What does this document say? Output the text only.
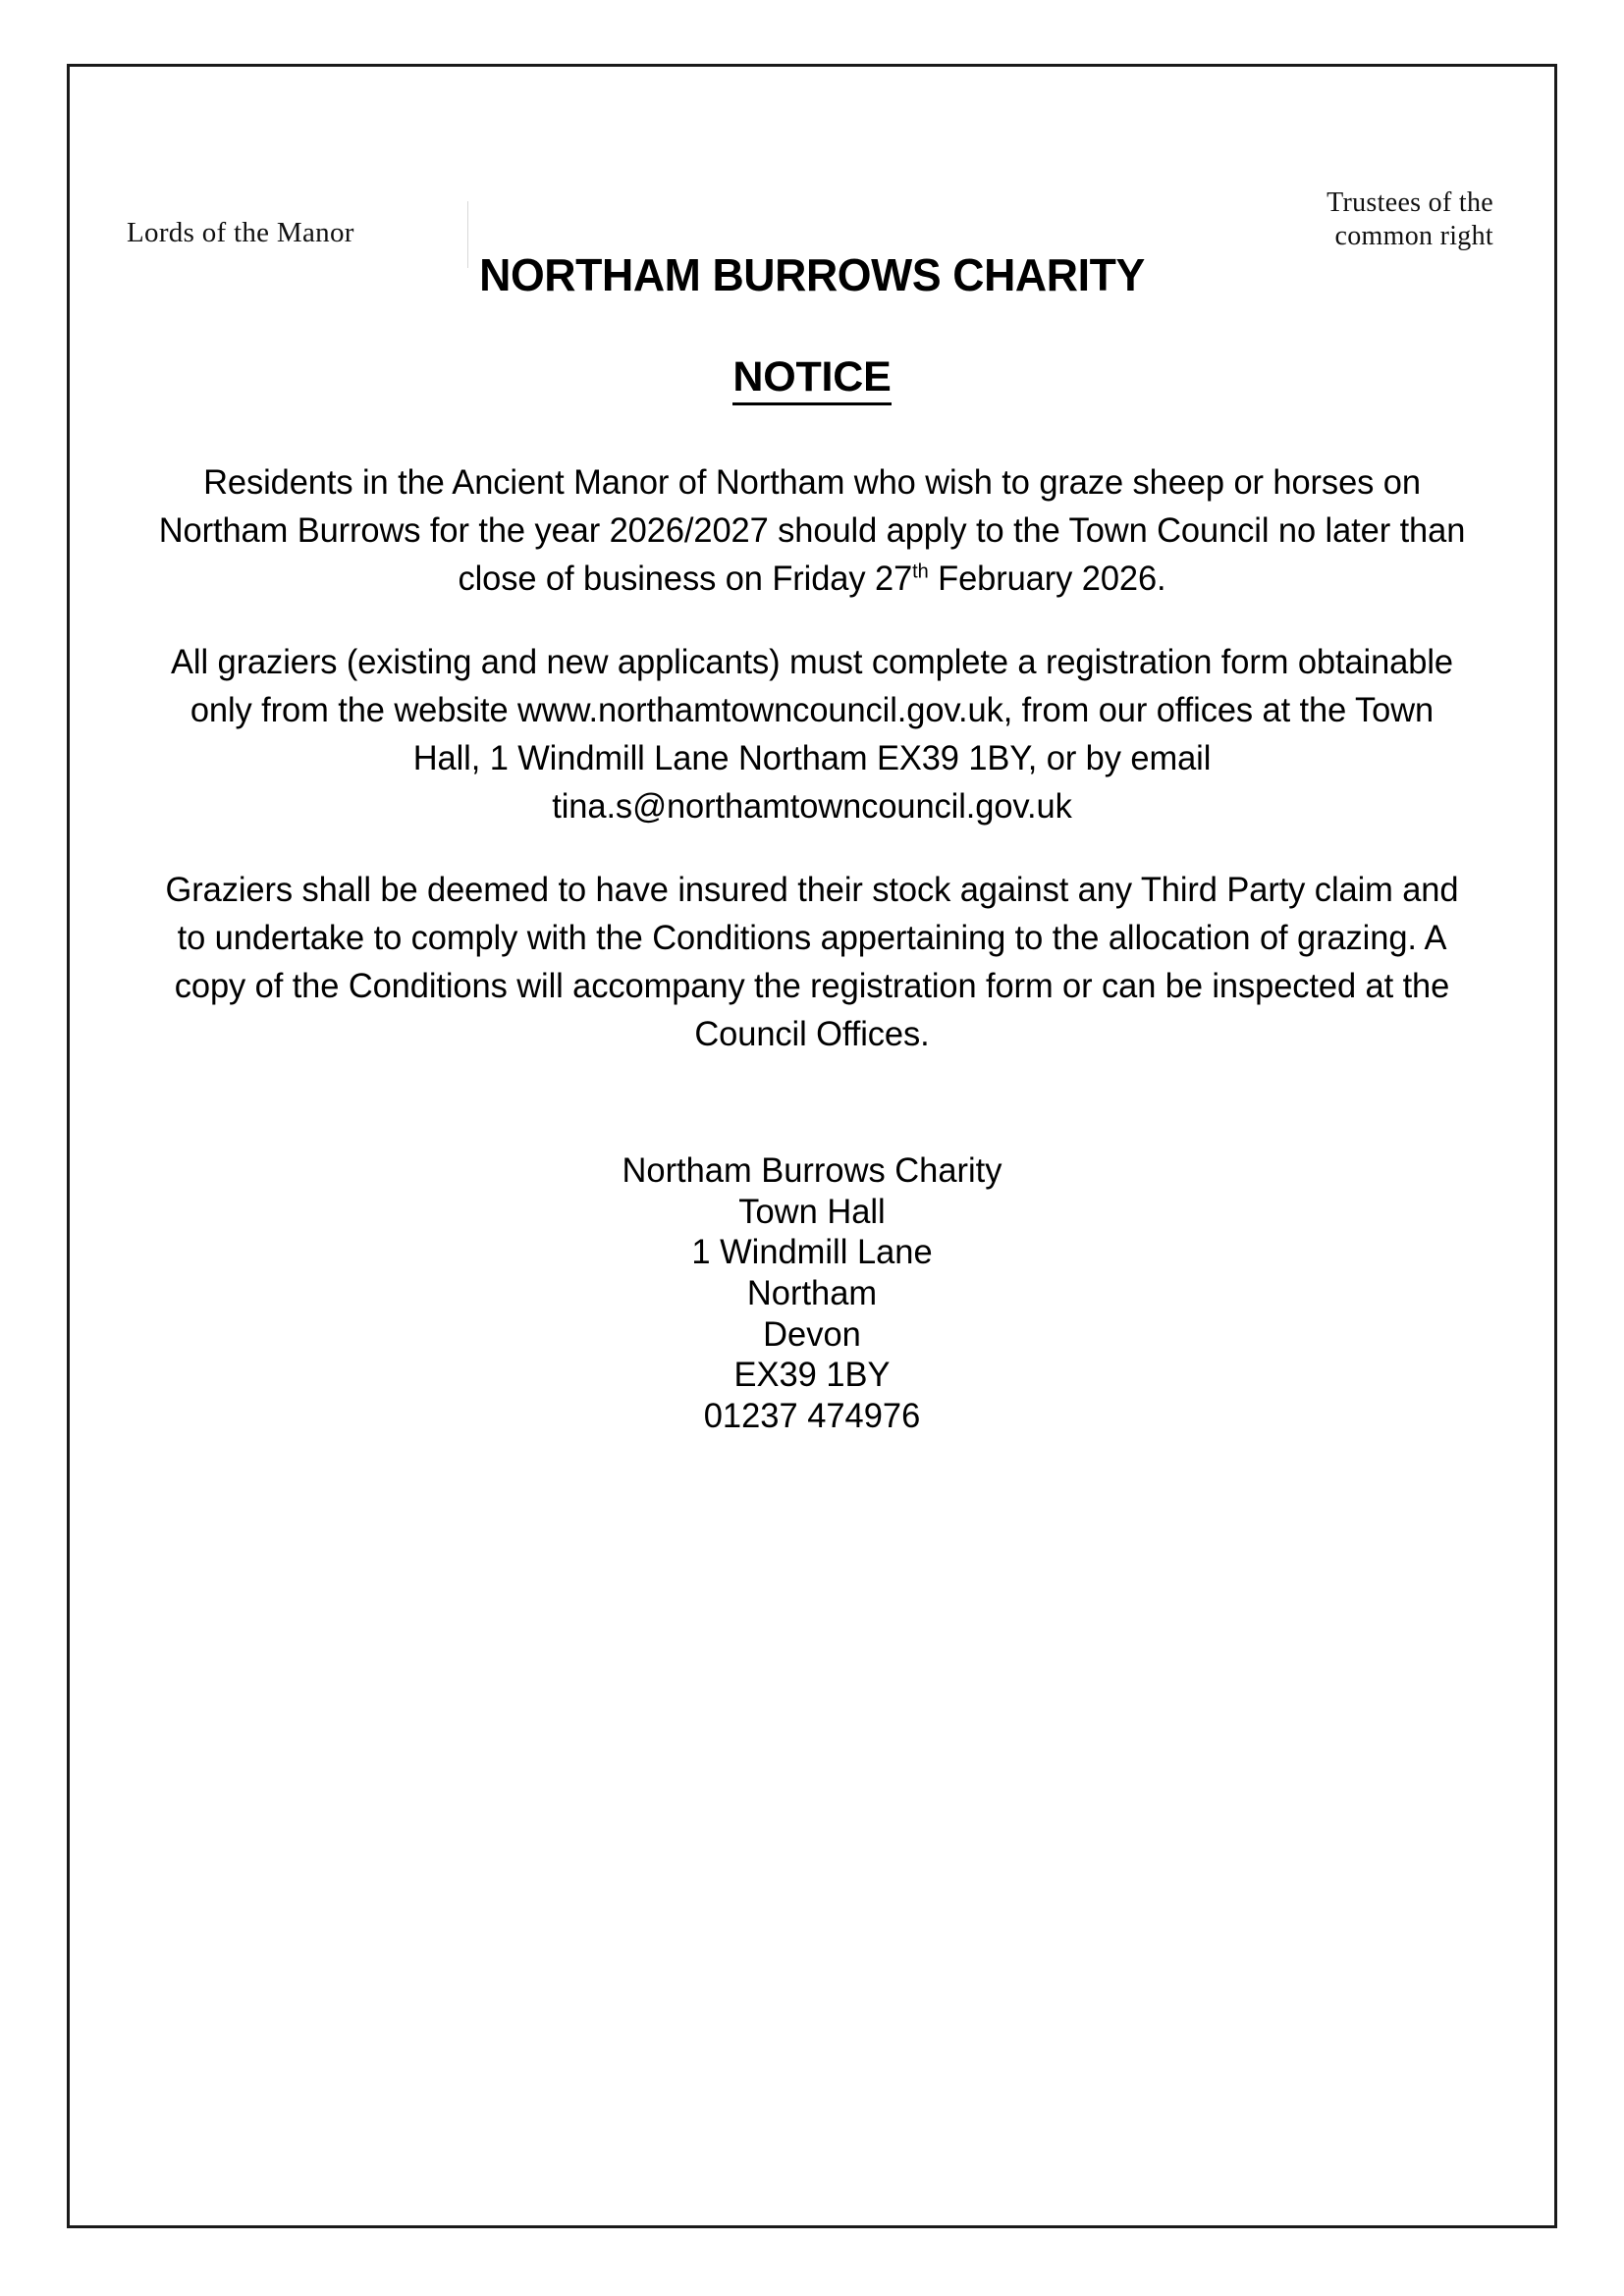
Lords of the Manor
Trustees of the
common right
NORTHAM BURROWS CHARITY
NOTICE

Residents in the Ancient Manor of Northam who wish to graze sheep or horses on Northam Burrows for the year 2026/2027 should apply to the Town Council no later than close of business on Friday 27th February 2026.

All graziers (existing and new applicants) must complete a registration form obtainable only from the website www.northamtowncouncil.gov.uk, from our offices at the Town Hall, 1 Windmill Lane Northam EX39 1BY, or by email tina.s@northamtowncouncil.gov.uk

Graziers shall be deemed to have insured their stock against any Third Party claim and to undertake to comply with the Conditions appertaining to the allocation of grazing. A copy of the Conditions will accompany the registration form or can be inspected at the Council Offices.

Northam Burrows Charity
Town Hall
1 Windmill Lane
Northam
Devon
EX39 1BY
01237 474976
